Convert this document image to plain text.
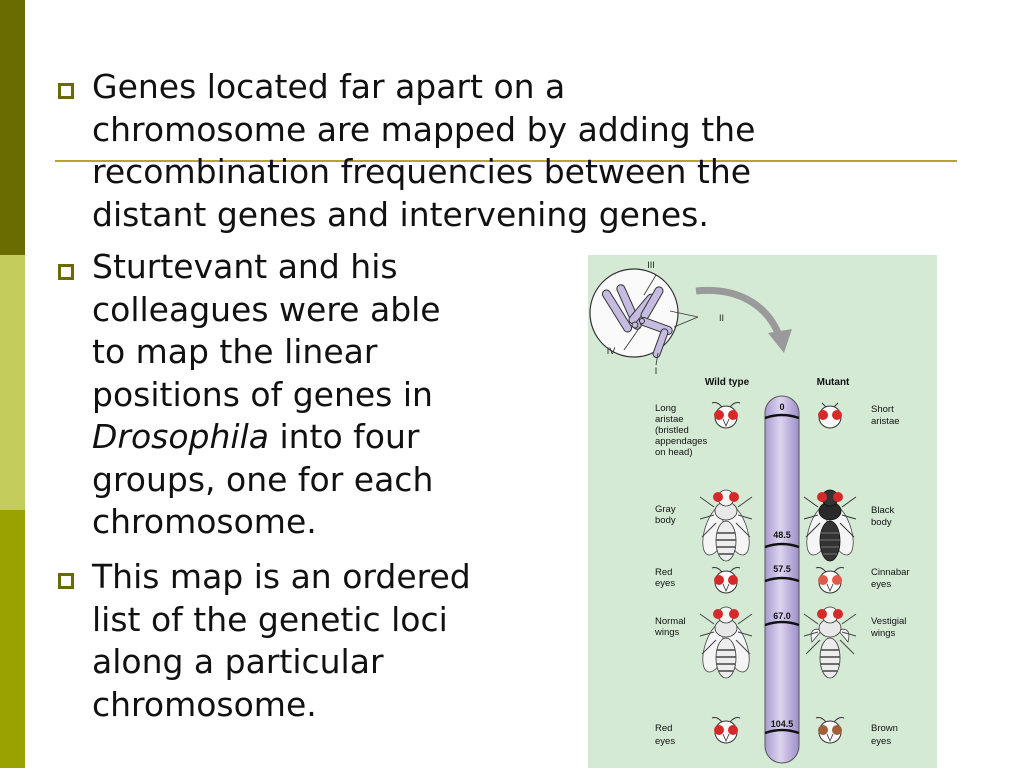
Genes located far apart on a
chromosome are mapped by adding the
recombination frequencies between the
distant genes and intervening genes.
Sturtevant and his
colleagues were able
to map the linear
positions of genes in
Drosophila into four
groups, one for each
chromosome.
This map is an ordered
list of the genetic loci
along a particular
chromosome.
III
II
IV
I
Wild type	Mutant
0
48.5
57.5
67.0
104.5
Long
aristae
(bristled
appendages
on head)
Gray
body
Red
eyes
Normal
wings
Red
eyes
Short
aristae
Black
body
Cinnabar
eyes
Vestigial
wings
Brown
eyes
